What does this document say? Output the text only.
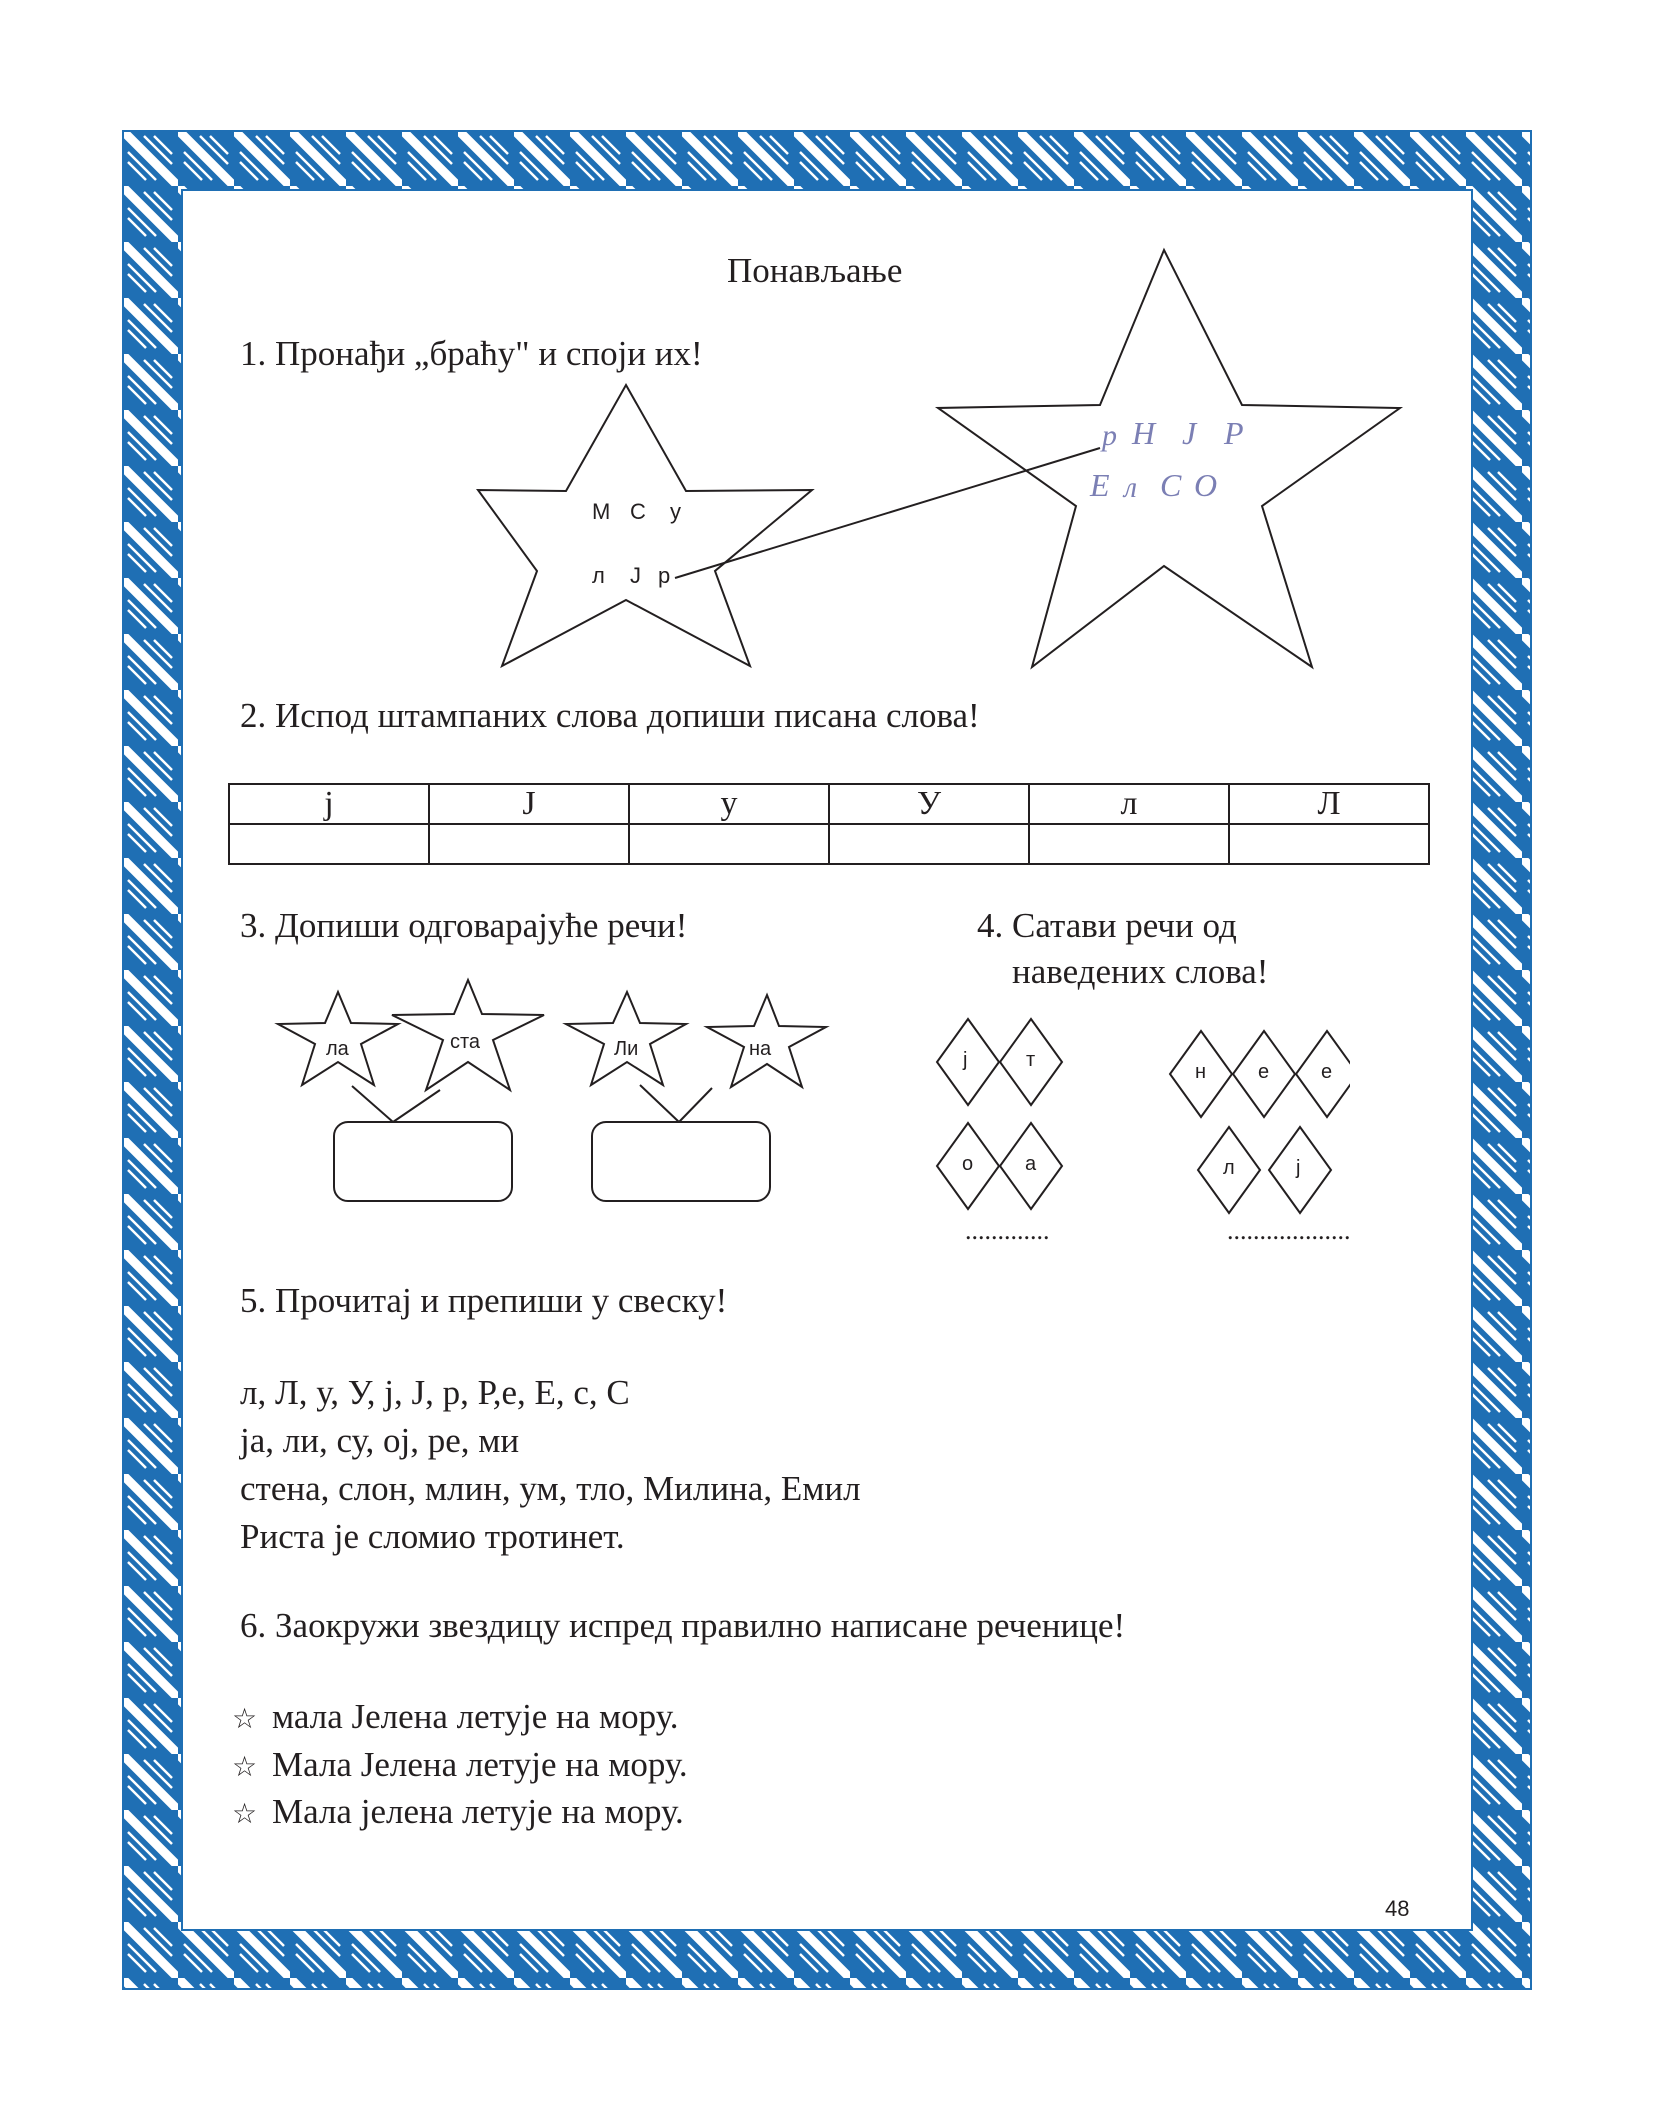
Понављање
1. Пронађи „браћу" и споји их!
М С у
л Ј р
р Н Ј Р
Е л С О
2. Испод штампаних слова допиши писана слова!
ј	Ј	у	У	л	Л

3. Допиши одговарајуће речи!
ла	ста	Ли	на
4. Сатави речи од
наведених слова!
ј	т
о	а
н	е	е
л	ј
.............	...................
5. Прочитај и препиши у свеску!
л, Л, у, У, ј, Ј, р, Р,е, Е, с, С
ја, ли, су, ој, ре, ми
стена, слон, млин, ум, тло, Милина, Емил
Риста је сломио тротинет.
6. Заокружи звездицу испред правилно написане реченице!
☆ мала Јелена летује на мору.
☆ Мала Јелена летује на мору.
☆ Мала јелена летује на мору.
48
